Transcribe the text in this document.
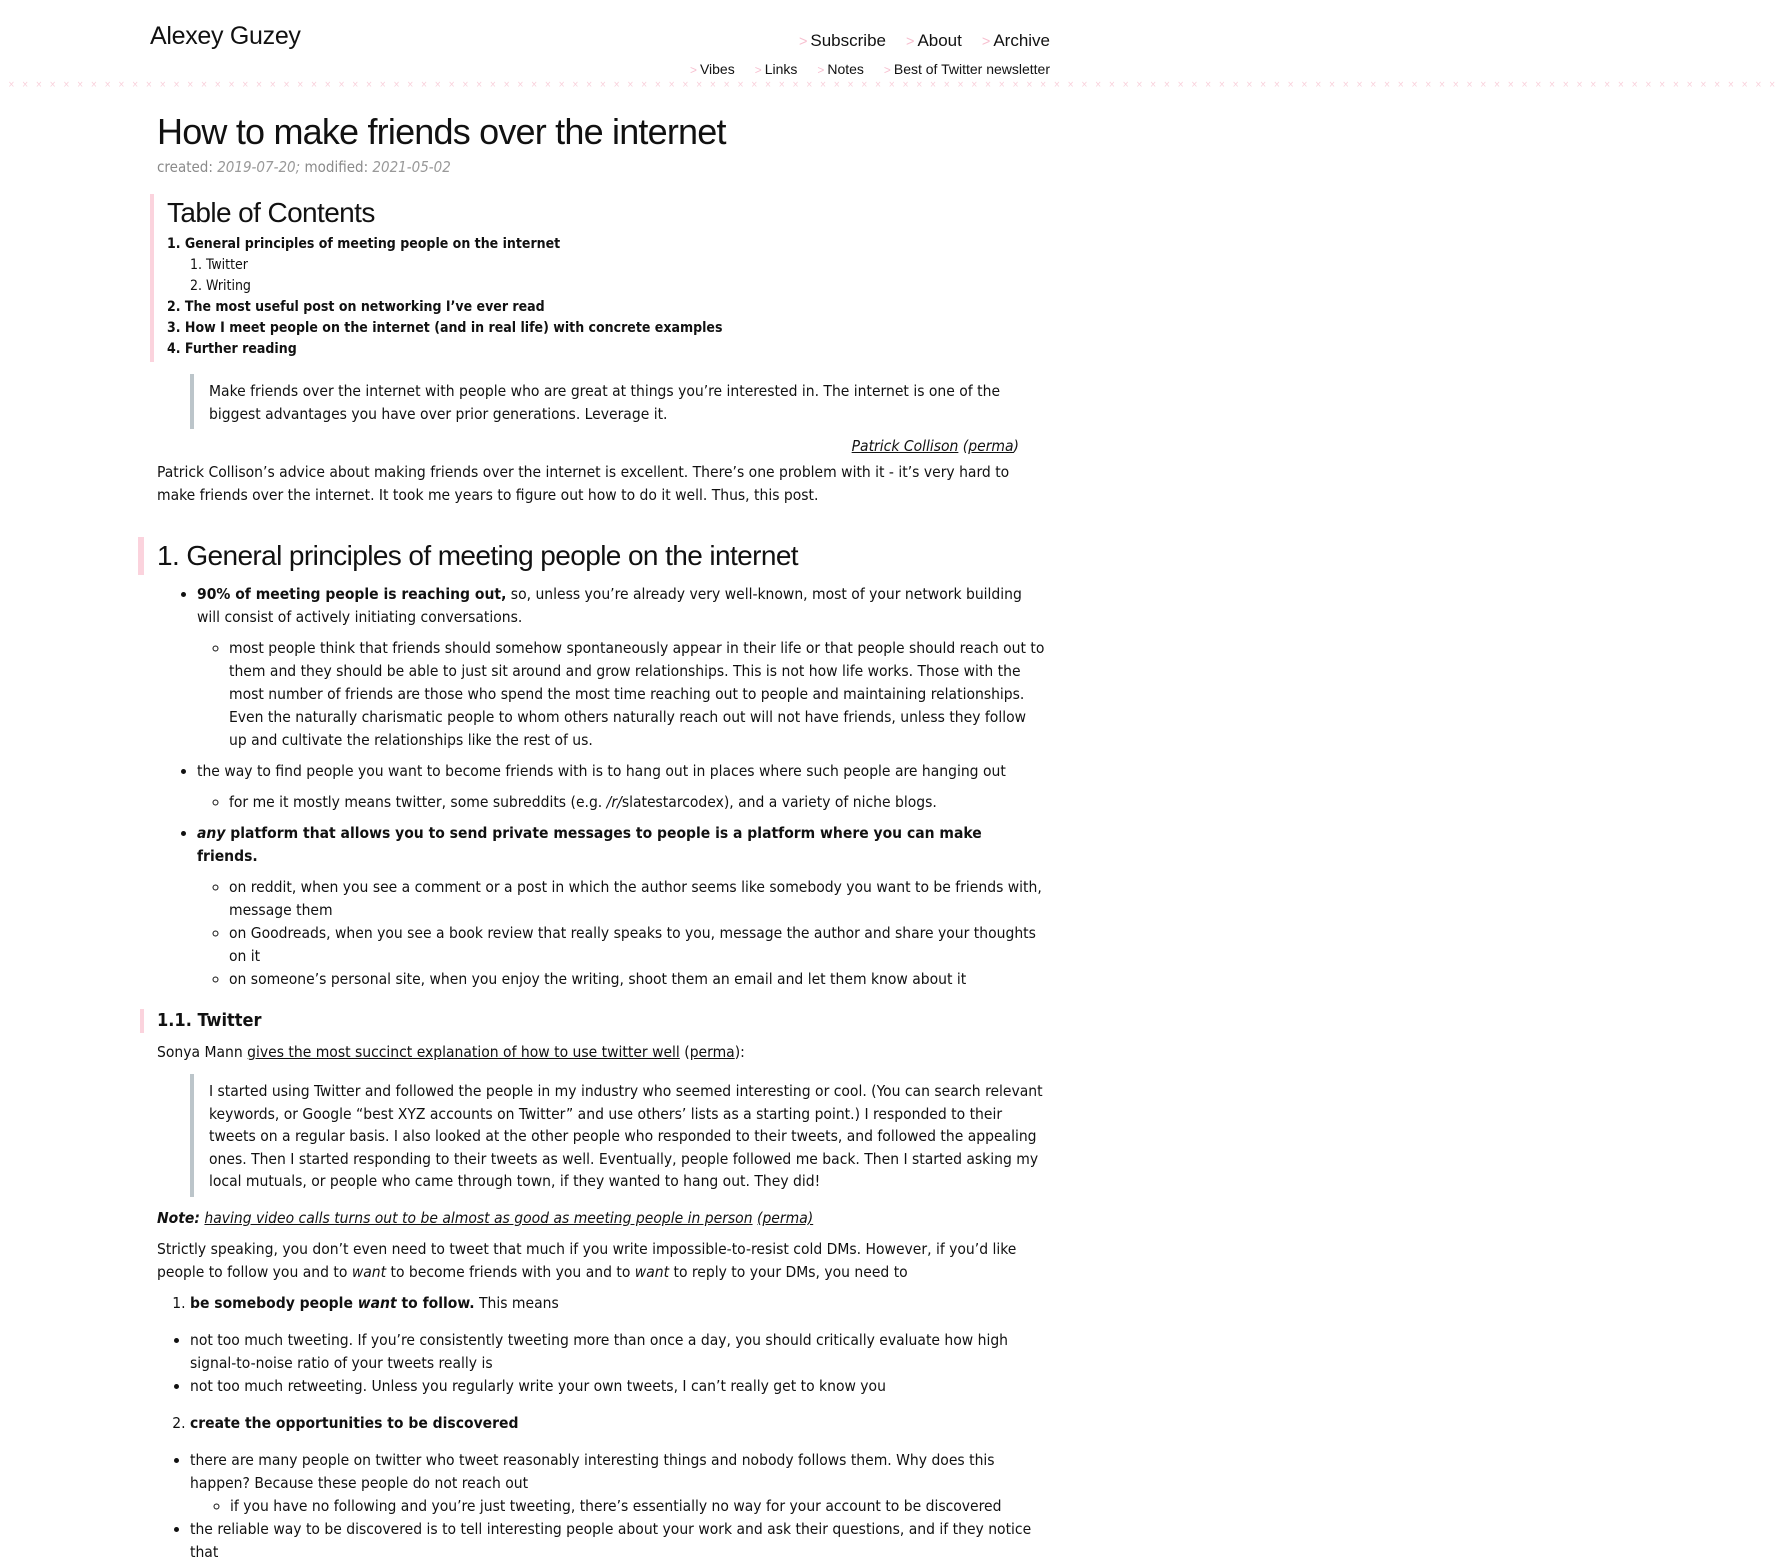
Alexey Guzey	> Subscribe > About > Archive
> Vibes > Links > Notes > Best of Twitter newsletter
× × × × × × × × × × × × × × × × × × × × × × × × × × × × × × × × × × × × × × × × × × × × × × × × × × × × × × × × × × × × × × × × × × × × × × × × × × × × × × × × × × × × × × × × × × × × × × × × × × × × × × × × × × × × × × × × × × × × × × × × × × × × × × × × ×
How to make friends over the internet
created: 2019-07-20; modified: 2021-05-02
Table of Contents
1. General principles of meeting people on the internet
1. Twitter
2. Writing
2. The most useful post on networking I’ve ever read
3. How I meet people on the internet (and in real life) with concrete examples
4. Further reading
Make friends over the internet with people who are great at things you’re interested in. The internet is one of the biggest advantages you have over prior generations. Leverage it.
Patrick Collison (perma)

Patrick Collison’s advice about making friends over the internet is excellent. There’s one problem with it - it’s very hard to make friends over the internet. It took me years to figure out how to do it well. Thus, this post.

1. General principles of meeting people on the internet
• 90% of meeting people is reaching out, so, unless you’re already very well-known, most of your network building will consist of actively initiating conversations.
◦ most people think that friends should somehow spontaneously appear in their life or that people should reach out to them and they should be able to just sit around and grow relationships. This is not how life works. Those with the most number of friends are those who spend the most time reaching out to people and maintaining relationships. Even the naturally charismatic people to whom others naturally reach out will not have friends, unless they follow up and cultivate the relationships like the rest of us.
• the way to find people you want to become friends with is to hang out in places where such people are hanging out
◦ for me it mostly means twitter, some subreddits (e.g. /r/slatestarcodex), and a variety of niche blogs.
• any platform that allows you to send private messages to people is a platform where you can make friends.
◦ on reddit, when you see a comment or a post in which the author seems like somebody you want to be friends with, message them
◦ on Goodreads, when you see a book review that really speaks to you, message the author and share your thoughts on it
◦ on someone’s personal site, when you enjoy the writing, shoot them an email and let them know about it
1.1. Twitter

Sonya Mann gives the most succinct explanation of how to use twitter well (perma):

I started using Twitter and followed the people in my industry who seemed interesting or cool. (You can search relevant keywords, or Google “best XYZ accounts on Twitter” and use others’ lists as a starting point.) I responded to their tweets on a regular basis. I also looked at the other people who responded to their tweets, and followed the appealing ones. Then I started responding to their tweets as well. Eventually, people followed me back. Then I started asking my local mutuals, or people who came through town, if they wanted to hang out. They did!

Note: having video calls turns out to be almost as good as meeting people in person (perma)

Strictly speaking, you don’t even need to tweet that much if you write impossible-to-resist cold DMs. However, if you’d like people to follow you and to want to become friends with you and to want to reply to your DMs, you need to

1. be somebody people want to follow. This means
• not too much tweeting. If you’re consistently tweeting more than once a day, you should critically evaluate how high signal-to-noise ratio of your tweets really is
• not too much retweeting. Unless you regularly write your own tweets, I can’t really get to know you
2. create the opportunities to be discovered
• there are many people on twitter who tweet reasonably interesting things and nobody follows them. Why does this happen? Because these people do not reach out
◦ if you have no following and you’re just tweeting, there’s essentially no way for your account to be discovered
• the reliable way to be discovered is to tell interesting people about your work and ask their questions, and if they notice that
